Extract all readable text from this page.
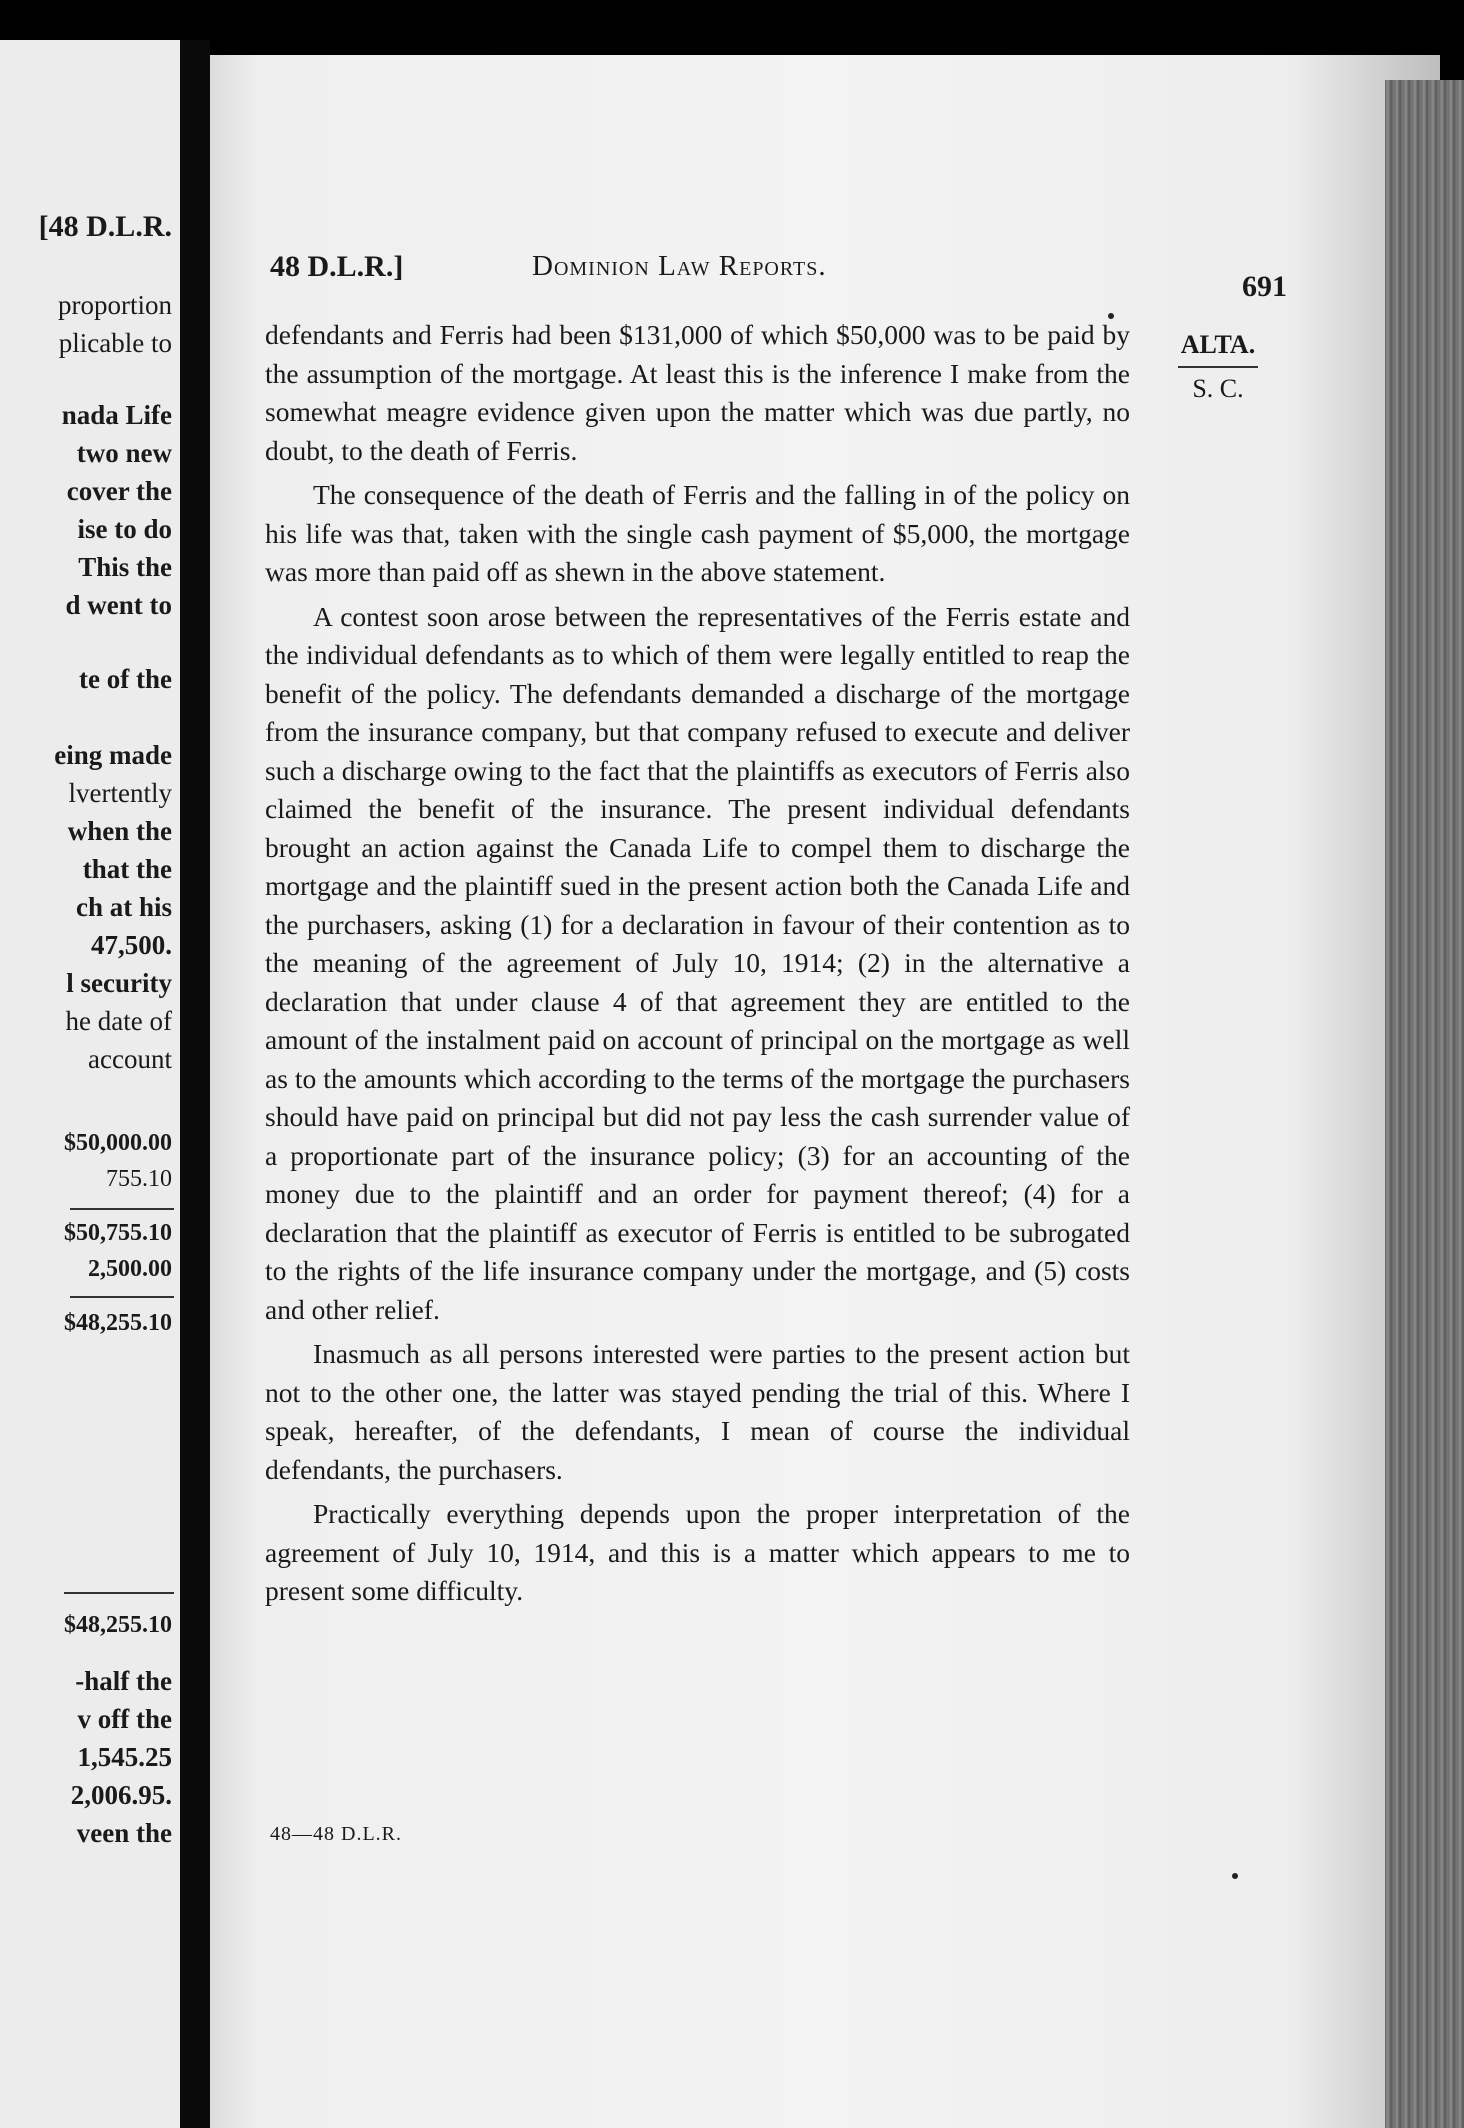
[48 D.L.R.
proportion
plicable to
nada Life
two new
cover the
ise to do
This the
d went to
te of the
eing made
lvertently
when the
that the
ch at his
47,500.
l security
he date of
account
$50,000.00
755.10
$50,755.10
2,500.00
$48,255.10
$48,255.10
-half the
v off the
1,545.25
2,006.95.
veen the
48 D.L.R.]	Dominion Law Reports.
691
ALTA.
S. C.

defendants and Ferris had been $131,000 of which $50,000 was to be paid by the assumption of the mortgage. At least this is the inference I make from the somewhat meagre evidence given upon the matter which was due partly, no doubt, to the death of Ferris.

The consequence of the death of Ferris and the falling in of the policy on his life was that, taken with the single cash payment of $5,000, the mortgage was more than paid off as shewn in the above statement.

A contest soon arose between the representatives of the Ferris estate and the individual defendants as to which of them were legally entitled to reap the benefit of the policy. The defendants demanded a discharge of the mortgage from the insurance company, but that company refused to execute and deliver such a discharge owing to the fact that the plaintiffs as executors of Ferris also claimed the benefit of the insurance. The present individual defendants brought an action against the Canada Life to compel them to discharge the mortgage and the plaintiff sued in the present action both the Canada Life and the purchasers, asking (1) for a declaration in favour of their contention as to the meaning of the agreement of July 10, 1914; (2) in the alternative a declaration that under clause 4 of that agreement they are entitled to the amount of the instalment paid on account of principal on the mortgage as well as to the amounts which according to the terms of the mortgage the purchasers should have paid on principal but did not pay less the cash surrender value of a proportionate part of the insurance policy; (3) for an accounting of the money due to the plaintiff and an order for payment thereof; (4) for a declaration that the plaintiff as executor of Ferris is entitled to be subrogated to the rights of the life insurance company under the mortgage, and (5) costs and other relief.

Inasmuch as all persons interested were parties to the present action but not to the other one, the latter was stayed pending the trial of this. Where I speak, hereafter, of the defendants, I mean of course the individual defendants, the purchasers.

Practically everything depends upon the proper interpretation of the agreement of July 10, 1914, and this is a matter which appears to me to present some difficulty.

48—48 D.L.R.
